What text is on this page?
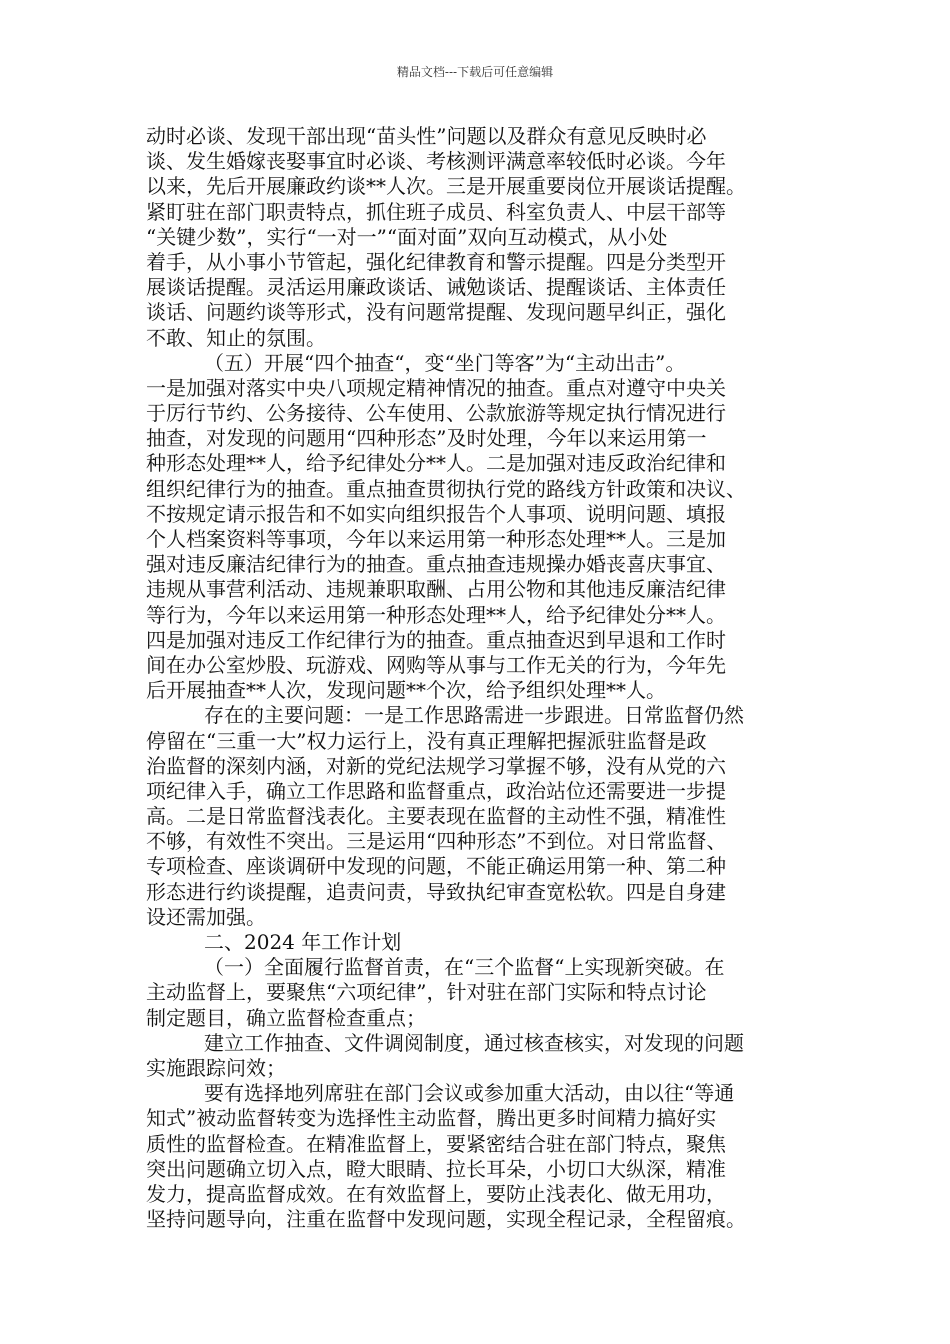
精品文档---下载后可任意编辑
动时必谈、发现干部出现“苗头性”问题以及群众有意见反映时必
谈、发生婚嫁丧娶事宜时必谈、考核测评满意率较低时必谈。今年
以来，先后开展廉政约谈**人次。三是开展重要岗位开展谈话提醒。
紧盯驻在部门职责特点，抓住班子成员、科室负责人、中层干部等
“关键少数”，实行“一对一”“面对面”双向互动模式，从小处
着手，从小事小节管起，强化纪律教育和警示提醒。四是分类型开
展谈话提醒。灵活运用廉政谈话、诫勉谈话、提醒谈话、主体责任
谈话、问题约谈等形式，没有问题常提醒、发现问题早纠正，强化
不敢、知止的氛围。
（五）开展“四个抽查“，变“坐门等客”为“主动出击”。
一是加强对落实中央八项规定精神情况的抽查。重点对遵守中央关
于厉行节约、公务接待、公车使用、公款旅游等规定执行情况进行
抽查，对发现的问题用“四种形态”及时处理，今年以来运用第一
种形态处理**人，给予纪律处分**人。二是加强对违反政治纪律和
组织纪律行为的抽查。重点抽查贯彻执行党的路线方针政策和决议、
不按规定请示报告和不如实向组织报告个人事项、说明问题、填报
个人档案资料等事项，今年以来运用第一种形态处理**人。三是加
强对违反廉洁纪律行为的抽查。重点抽查违规操办婚丧喜庆事宜、
违规从事营利活动、违规兼职取酬、占用公物和其他违反廉洁纪律
等行为，今年以来运用第一种形态处理**人，给予纪律处分**人。
四是加强对违反工作纪律行为的抽查。重点抽查迟到早退和工作时
间在办公室炒股、玩游戏、网购等从事与工作无关的行为，今年先
后开展抽查**人次，发现问题**个次，给予组织处理**人。
存在的主要问题：一是工作思路需进一步跟进。日常监督仍然
停留在“三重一大”权力运行上，没有真正理解把握派驻监督是政
治监督的深刻内涵，对新的党纪法规学习掌握不够，没有从党的六
项纪律入手，确立工作思路和监督重点，政治站位还需要进一步提
高。二是日常监督浅表化。主要表现在监督的主动性不强，精准性
不够，有效性不突出。三是运用“四种形态”不到位。对日常监督、
专项检查、座谈调研中发现的问题，不能正确运用第一种、第二种
形态进行约谈提醒，追责问责，导致执纪审查宽松软。四是自身建
设还需加强。
二、2024 年工作计划
（一）全面履行监督首责，在“三个监督“上实现新突破。在
主动监督上，要聚焦“六项纪律”，针对驻在部门实际和特点讨论
制定题目，确立监督检查重点；
建立工作抽查、文件调阅制度，通过核查核实，对发现的问题
实施跟踪问效；
要有选择地列席驻在部门会议或参加重大活动，由以往“等通
知式”被动监督转变为选择性主动监督，腾出更多时间精力搞好实
质性的监督检查。在精准监督上，要紧密结合驻在部门特点，聚焦
突出问题确立切入点，瞪大眼睛、拉长耳朵，小切口大纵深，精准
发力，提高监督成效。在有效监督上，要防止浅表化、做无用功，
坚持问题导向，注重在监督中发现问题，实现全程记录，全程留痕。
